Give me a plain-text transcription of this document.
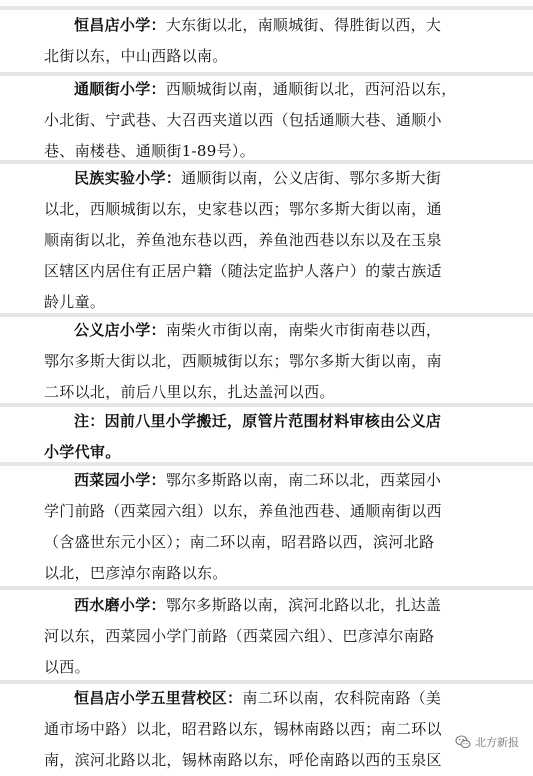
恒昌店小学：大东街以北，南顺城街、得胜街以西，大
北街以东，中山西路以南。
通顺街小学：西顺城街以南，通顺街以北，西河沿以东，
小北街、宁武巷、大召西夹道以西（包括通顺大巷、通顺小
巷、南楼巷、通顺街1-89号）。
民族实验小学：通顺街以南，公义店街、鄂尔多斯大街
以北，西顺城街以东，史家巷以西；鄂尔多斯大街以南，通
顺南街以北，养鱼池东巷以西，养鱼池西巷以东以及在玉泉
区辖区内居住有正居户籍（随法定监护人落户）的蒙古族适
龄儿童。
公义店小学：南柴火市街以南，南柴火市街南巷以西，
鄂尔多斯大街以北，西顺城街以东；鄂尔多斯大街以南，南
二环以北，前后八里以东，扎达盖河以西。
注：因前八里小学搬迁，原管片范围材料审核由公义店
小学代审。
西菜园小学：鄂尔多斯路以南，南二环以北，西菜园小
学门前路（西菜园六组）以东，养鱼池西巷、通顺南街以西
（含盛世东元小区）；南二环以南，昭君路以西，滨河北路
以北，巴彦淖尔南路以东。
西水磨小学：鄂尔多斯路以南，滨河北路以北，扎达盖
河以东，西菜园小学门前路（西菜园六组）、巴彦淖尔南路
以西。
恒昌店小学五里营校区：南二环以南，农科院南路（美
通市场中路）以北，昭君路以东，锡林南路以西；南二环以
南，滨河北路以北，锡林南路以东，呼伦南路以西的玉泉区
北方新报
